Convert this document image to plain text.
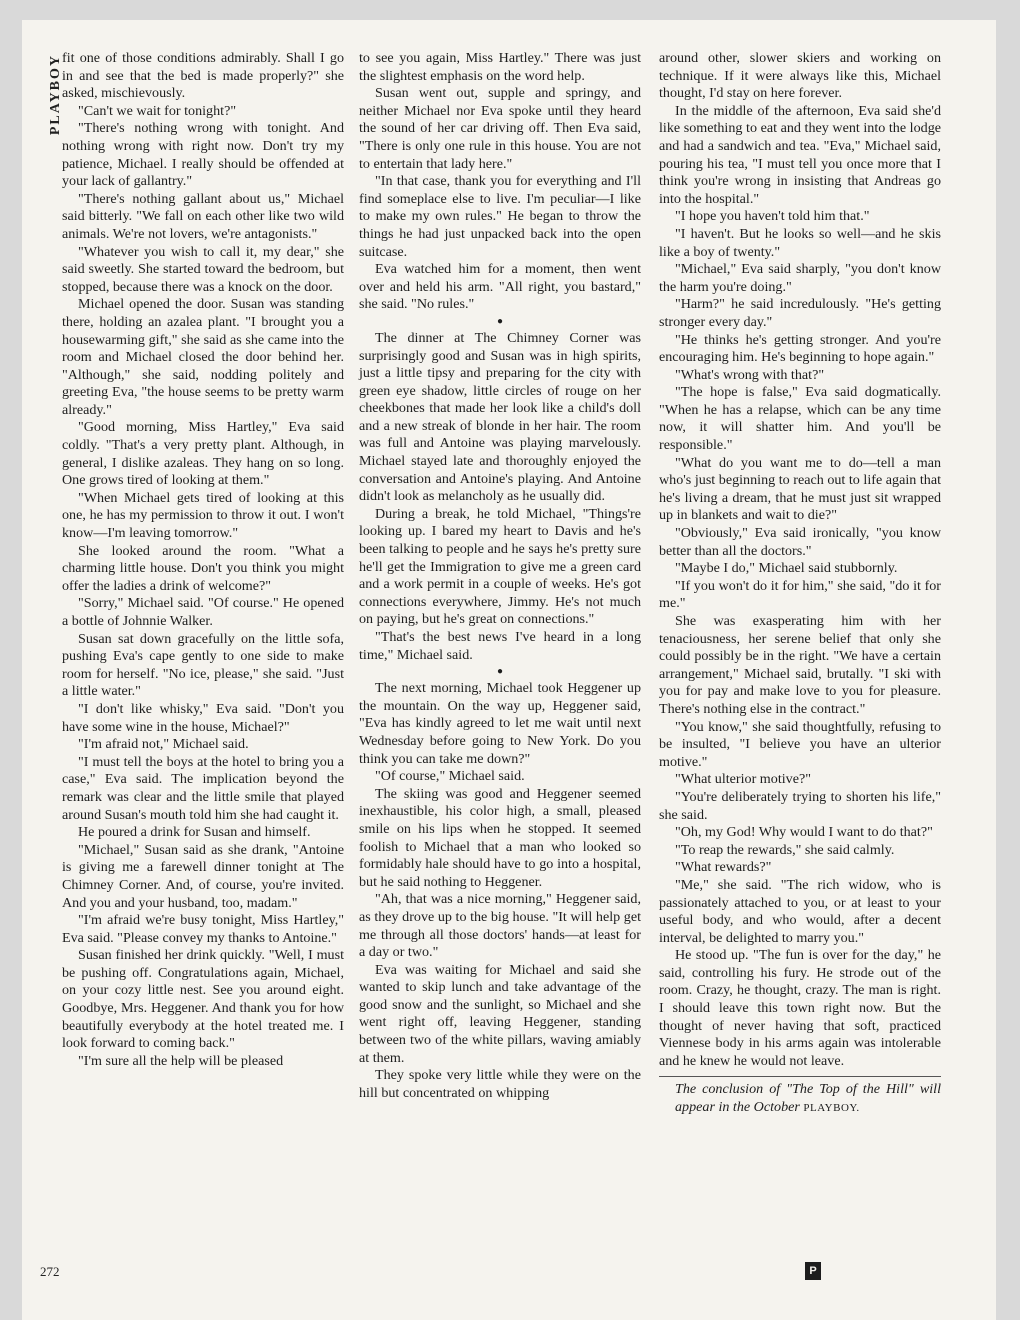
PLAYBOY fit one of those conditions admirably. Shall I go in and see that the bed is made properly?" she asked, mischievously.

"Can't we wait for tonight?"

"There's nothing wrong with tonight. And nothing wrong with right now. Don't try my patience, Michael. I really should be offended at your lack of gallantry."

"There's nothing gallant about us," Michael said bitterly. "We fall on each other like two wild animals. We're not lovers, we're antagonists."

"Whatever you wish to call it, my dear," she said sweetly. She started toward the bedroom, but stopped, because there was a knock on the door.

Michael opened the door. Susan was standing there, holding an azalea plant. "I brought you a housewarming gift," she said as she came into the room and Michael closed the door behind her. "Although," she said, nodding politely and greeting Eva, "the house seems to be pretty warm already."

"Good morning, Miss Hartley," Eva said coldly. "That's a very pretty plant. Although, in general, I dislike azaleas. They hang on so long. One grows tired of looking at them."

"When Michael gets tired of looking at this one, he has my permission to throw it out. I won't know—I'm leaving tomorrow."

She looked around the room. "What a charming little house. Don't you think you might offer the ladies a drink of welcome?"

"Sorry," Michael said. "Of course." He opened a bottle of Johnnie Walker.

Susan sat down gracefully on the little sofa, pushing Eva's cape gently to one side to make room for herself. "No ice, please," she said. "Just a little water."

"I don't like whisky," Eva said. "Don't you have some wine in the house, Michael?"

"I'm afraid not," Michael said.

"I must tell the boys at the hotel to bring you a case," Eva said. The implication beyond the remark was clear and the little smile that played around Susan's mouth told him she had caught it.

He poured a drink for Susan and himself.

"Michael," Susan said as she drank, "Antoine is giving me a farewell dinner tonight at The Chimney Corner. And, of course, you're invited. And you and your husband, too, madam."

"I'm afraid we're busy tonight, Miss Hartley," Eva said. "Please convey my thanks to Antoine."

Susan finished her drink quickly. "Well, I must be pushing off. Congratulations again, Michael, on your cozy little nest. See you around eight. Goodbye, Mrs. Heggener. And thank you for how beautifully everybody at the hotel treated me. I look forward to coming back."

"I'm sure all the help will be pleased

to see you again, Miss Hartley." There was just the slightest emphasis on the word help.

Susan went out, supple and springy, and neither Michael nor Eva spoke until they heard the sound of her car driving off. Then Eva said, "There is only one rule in this house. You are not to entertain that lady here."

"In that case, thank you for everything and I'll find someplace else to live. I'm peculiar—I like to make my own rules." He began to throw the things he had just unpacked back into the open suitcase.

Eva watched him for a moment, then went over and held his arm. "All right, you bastard," she said. "No rules."

●

The dinner at The Chimney Corner was surprisingly good and Susan was in high spirits, just a little tipsy and preparing for the city with green eye shadow, little circles of rouge on her cheekbones that made her look like a child's doll and a new streak of blonde in her hair. The room was full and Antoine was playing marvelously. Michael stayed late and thoroughly enjoyed the conversation and Antoine's playing. And Antoine didn't look as melancholy as he usually did.

During a break, he told Michael, "Things're looking up. I bared my heart to Davis and he's been talking to people and he says he's pretty sure he'll get the Immigration to give me a green card and a work permit in a couple of weeks. He's got connections everywhere, Jimmy. He's not much on paying, but he's great on connections."

"That's the best news I've heard in a long time," Michael said.

●

The next morning, Michael took Heggener up the mountain. On the way up, Heggener said, "Eva has kindly agreed to let me wait until next Wednesday before going to New York. Do you think you can take me down?"

"Of course," Michael said.

The skiing was good and Heggener seemed inexhaustible, his color high, a small, pleased smile on his lips when he stopped. It seemed foolish to Michael that a man who looked so formidably hale should have to go into a hospital, but he said nothing to Heggener.

"Ah, that was a nice morning," Heggener said, as they drove up to the big house. "It will help get me through all those doctors' hands—at least for a day or two."

Eva was waiting for Michael and said she wanted to skip lunch and take advantage of the good snow and the sunlight, so Michael and she went right off, leaving Heggener, standing between two of the white pillars, waving amiably at them.

They spoke very little while they were on the hill but concentrated on whipping

around other, slower skiers and working on technique. If it were always like this, Michael thought, I'd stay on here forever.

In the middle of the afternoon, Eva said she'd like something to eat and they went into the lodge and had a sandwich and tea. "Eva," Michael said, pouring his tea, "I must tell you once more that I think you're wrong in insisting that Andreas go into the hospital."

"I hope you haven't told him that."

"I haven't. But he looks so well—and he skis like a boy of twenty."

"Michael," Eva said sharply, "you don't know the harm you're doing."

"Harm?" he said incredulously. "He's getting stronger every day."

"He thinks he's getting stronger. And you're encouraging him. He's beginning to hope again."

"What's wrong with that?"

"The hope is false," Eva said dogmatically. "When he has a relapse, which can be any time now, it will shatter him. And you'll be responsible."

"What do you want me to do—tell a man who's just beginning to reach out to life again that he's living a dream, that he must just sit wrapped up in blankets and wait to die?"

"Obviously," Eva said ironically, "you know better than all the doctors."

"Maybe I do," Michael said stubbornly.

"If you won't do it for him," she said, "do it for me."

She was exasperating him with her tenaciousness, her serene belief that only she could possibly be in the right. "We have a certain arrangement," Michael said, brutally. "I ski with you for pay and make love to you for pleasure. There's nothing else in the contract."

"You know," she said thoughtfully, refusing to be insulted, "I believe you have an ulterior motive."

"What ulterior motive?"

"You're deliberately trying to shorten his life," she said.

"Oh, my God! Why would I want to do that?"

"To reap the rewards," she said calmly.

"What rewards?"

"Me," she said. "The rich widow, who is passionately attached to you, or at least to your useful body, and who would, after a decent interval, be delighted to marry you."

He stood up. "The fun is over for the day," he said, controlling his fury. He strode out of the room. Crazy, he thought, crazy. The man is right. I should leave this town right now. But the thought of never having that soft, practiced Viennese body in his arms again was intolerable and he knew he would not leave.

The conclusion of "The Top of the Hill" will appear in the October PLAYBOY.

272	P
